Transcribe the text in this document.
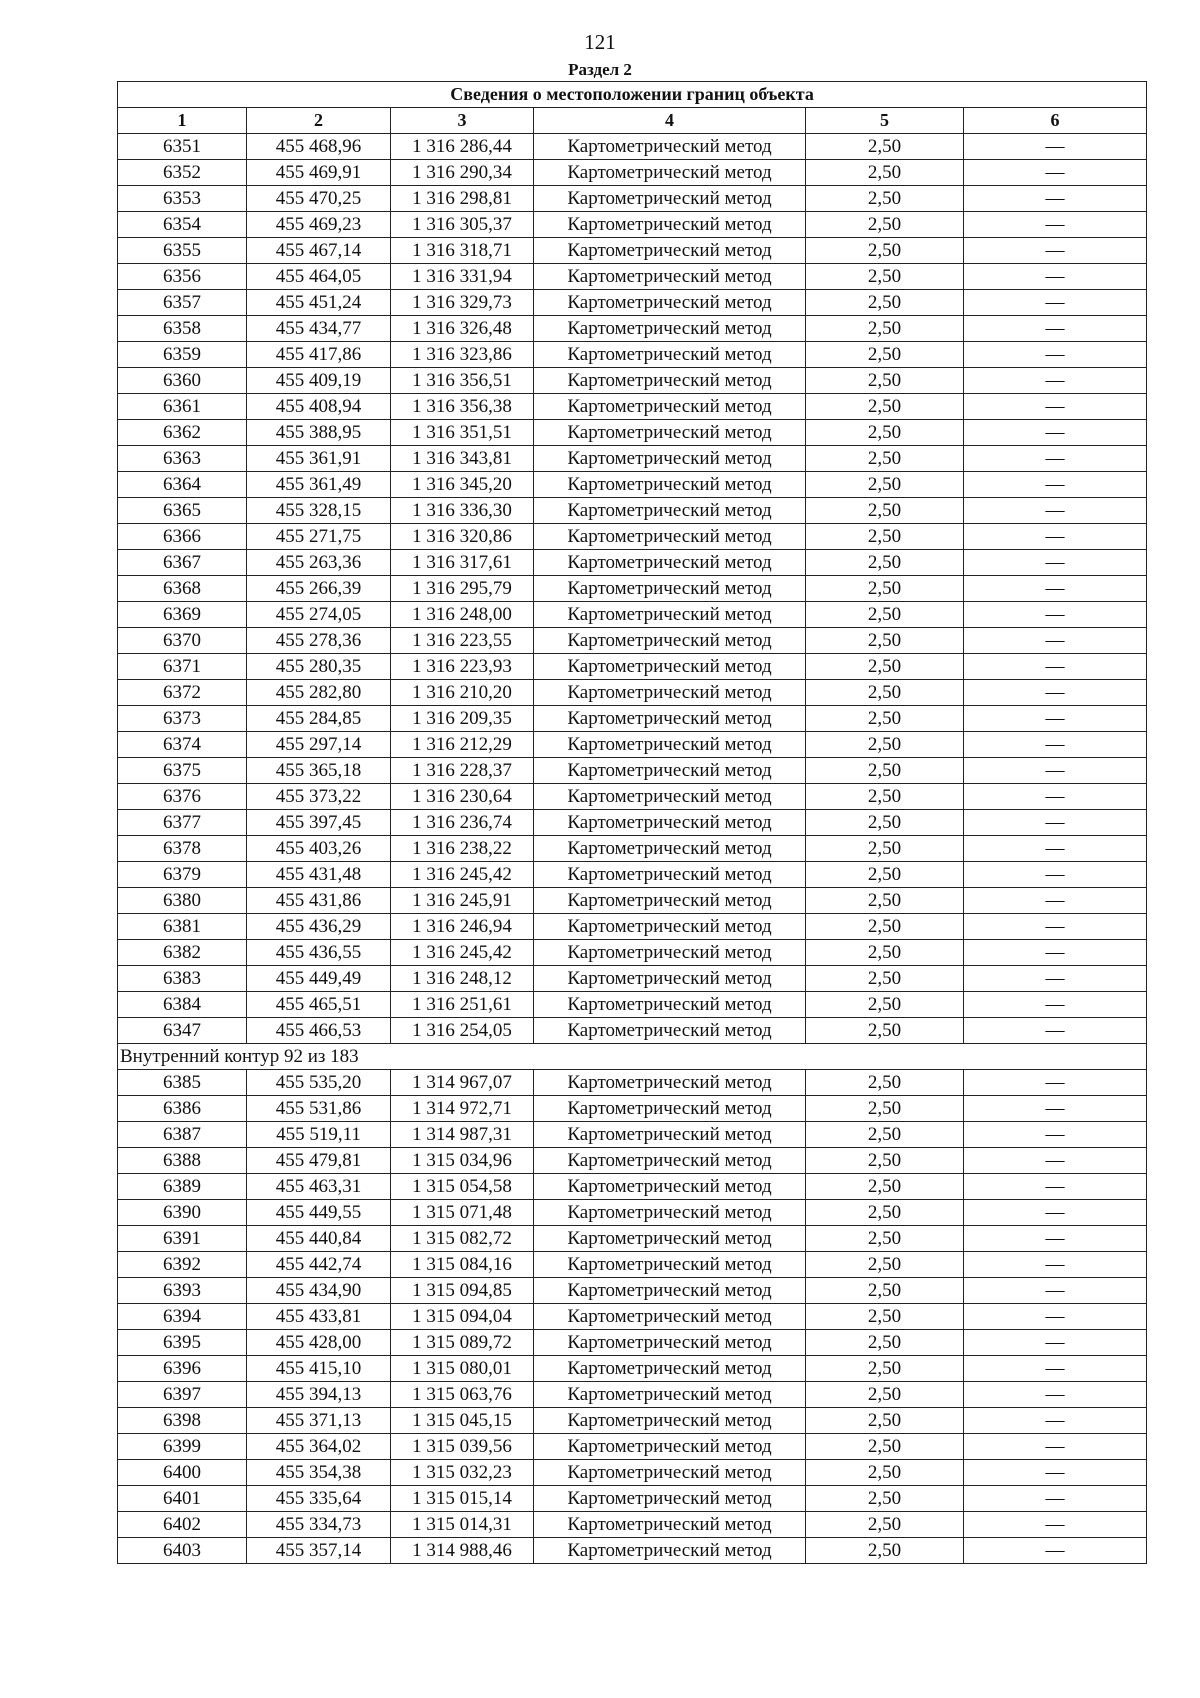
121
Раздел 2
Сведения о местоположении границ объекта					
1	2	3	4	5	6
6351	455 468,96	1 316 286,44	Картометрический метод	2,50	—
6352	455 469,91	1 316 290,34	Картометрический метод	2,50	—
6353	455 470,25	1 316 298,81	Картометрический метод	2,50	—
6354	455 469,23	1 316 305,37	Картометрический метод	2,50	—
6355	455 467,14	1 316 318,71	Картометрический метод	2,50	—
6356	455 464,05	1 316 331,94	Картометрический метод	2,50	—
6357	455 451,24	1 316 329,73	Картометрический метод	2,50	—
6358	455 434,77	1 316 326,48	Картометрический метод	2,50	—
6359	455 417,86	1 316 323,86	Картометрический метод	2,50	—
6360	455 409,19	1 316 356,51	Картометрический метод	2,50	—
6361	455 408,94	1 316 356,38	Картометрический метод	2,50	—
6362	455 388,95	1 316 351,51	Картометрический метод	2,50	—
6363	455 361,91	1 316 343,81	Картометрический метод	2,50	—
6364	455 361,49	1 316 345,20	Картометрический метод	2,50	—
6365	455 328,15	1 316 336,30	Картометрический метод	2,50	—
6366	455 271,75	1 316 320,86	Картометрический метод	2,50	—
6367	455 263,36	1 316 317,61	Картометрический метод	2,50	—
6368	455 266,39	1 316 295,79	Картометрический метод	2,50	—
6369	455 274,05	1 316 248,00	Картометрический метод	2,50	—
6370	455 278,36	1 316 223,55	Картометрический метод	2,50	—
6371	455 280,35	1 316 223,93	Картометрический метод	2,50	—
6372	455 282,80	1 316 210,20	Картометрический метод	2,50	—
6373	455 284,85	1 316 209,35	Картометрический метод	2,50	—
6374	455 297,14	1 316 212,29	Картометрический метод	2,50	—
6375	455 365,18	1 316 228,37	Картометрический метод	2,50	—
6376	455 373,22	1 316 230,64	Картометрический метод	2,50	—
6377	455 397,45	1 316 236,74	Картометрический метод	2,50	—
6378	455 403,26	1 316 238,22	Картометрический метод	2,50	—
6379	455 431,48	1 316 245,42	Картометрический метод	2,50	—
6380	455 431,86	1 316 245,91	Картометрический метод	2,50	—
6381	455 436,29	1 316 246,94	Картометрический метод	2,50	—
6382	455 436,55	1 316 245,42	Картометрический метод	2,50	—
6383	455 449,49	1 316 248,12	Картометрический метод	2,50	—
6384	455 465,51	1 316 251,61	Картометрический метод	2,50	—
6347	455 466,53	1 316 254,05	Картометрический метод	2,50	—
Внутренний контур 92 из 183					
6385	455 535,20	1 314 967,07	Картометрический метод	2,50	—
6386	455 531,86	1 314 972,71	Картометрический метод	2,50	—
6387	455 519,11	1 314 987,31	Картометрический метод	2,50	—
6388	455 479,81	1 315 034,96	Картометрический метод	2,50	—
6389	455 463,31	1 315 054,58	Картометрический метод	2,50	—
6390	455 449,55	1 315 071,48	Картометрический метод	2,50	—
6391	455 440,84	1 315 082,72	Картометрический метод	2,50	—
6392	455 442,74	1 315 084,16	Картометрический метод	2,50	—
6393	455 434,90	1 315 094,85	Картометрический метод	2,50	—
6394	455 433,81	1 315 094,04	Картометрический метод	2,50	—
6395	455 428,00	1 315 089,72	Картометрический метод	2,50	—
6396	455 415,10	1 315 080,01	Картометрический метод	2,50	—
6397	455 394,13	1 315 063,76	Картометрический метод	2,50	—
6398	455 371,13	1 315 045,15	Картометрический метод	2,50	—
6399	455 364,02	1 315 039,56	Картометрический метод	2,50	—
6400	455 354,38	1 315 032,23	Картометрический метод	2,50	—
6401	455 335,64	1 315 015,14	Картометрический метод	2,50	—
6402	455 334,73	1 315 014,31	Картометрический метод	2,50	—
6403	455 357,14	1 314 988,46	Картометрический метод	2,50	—
